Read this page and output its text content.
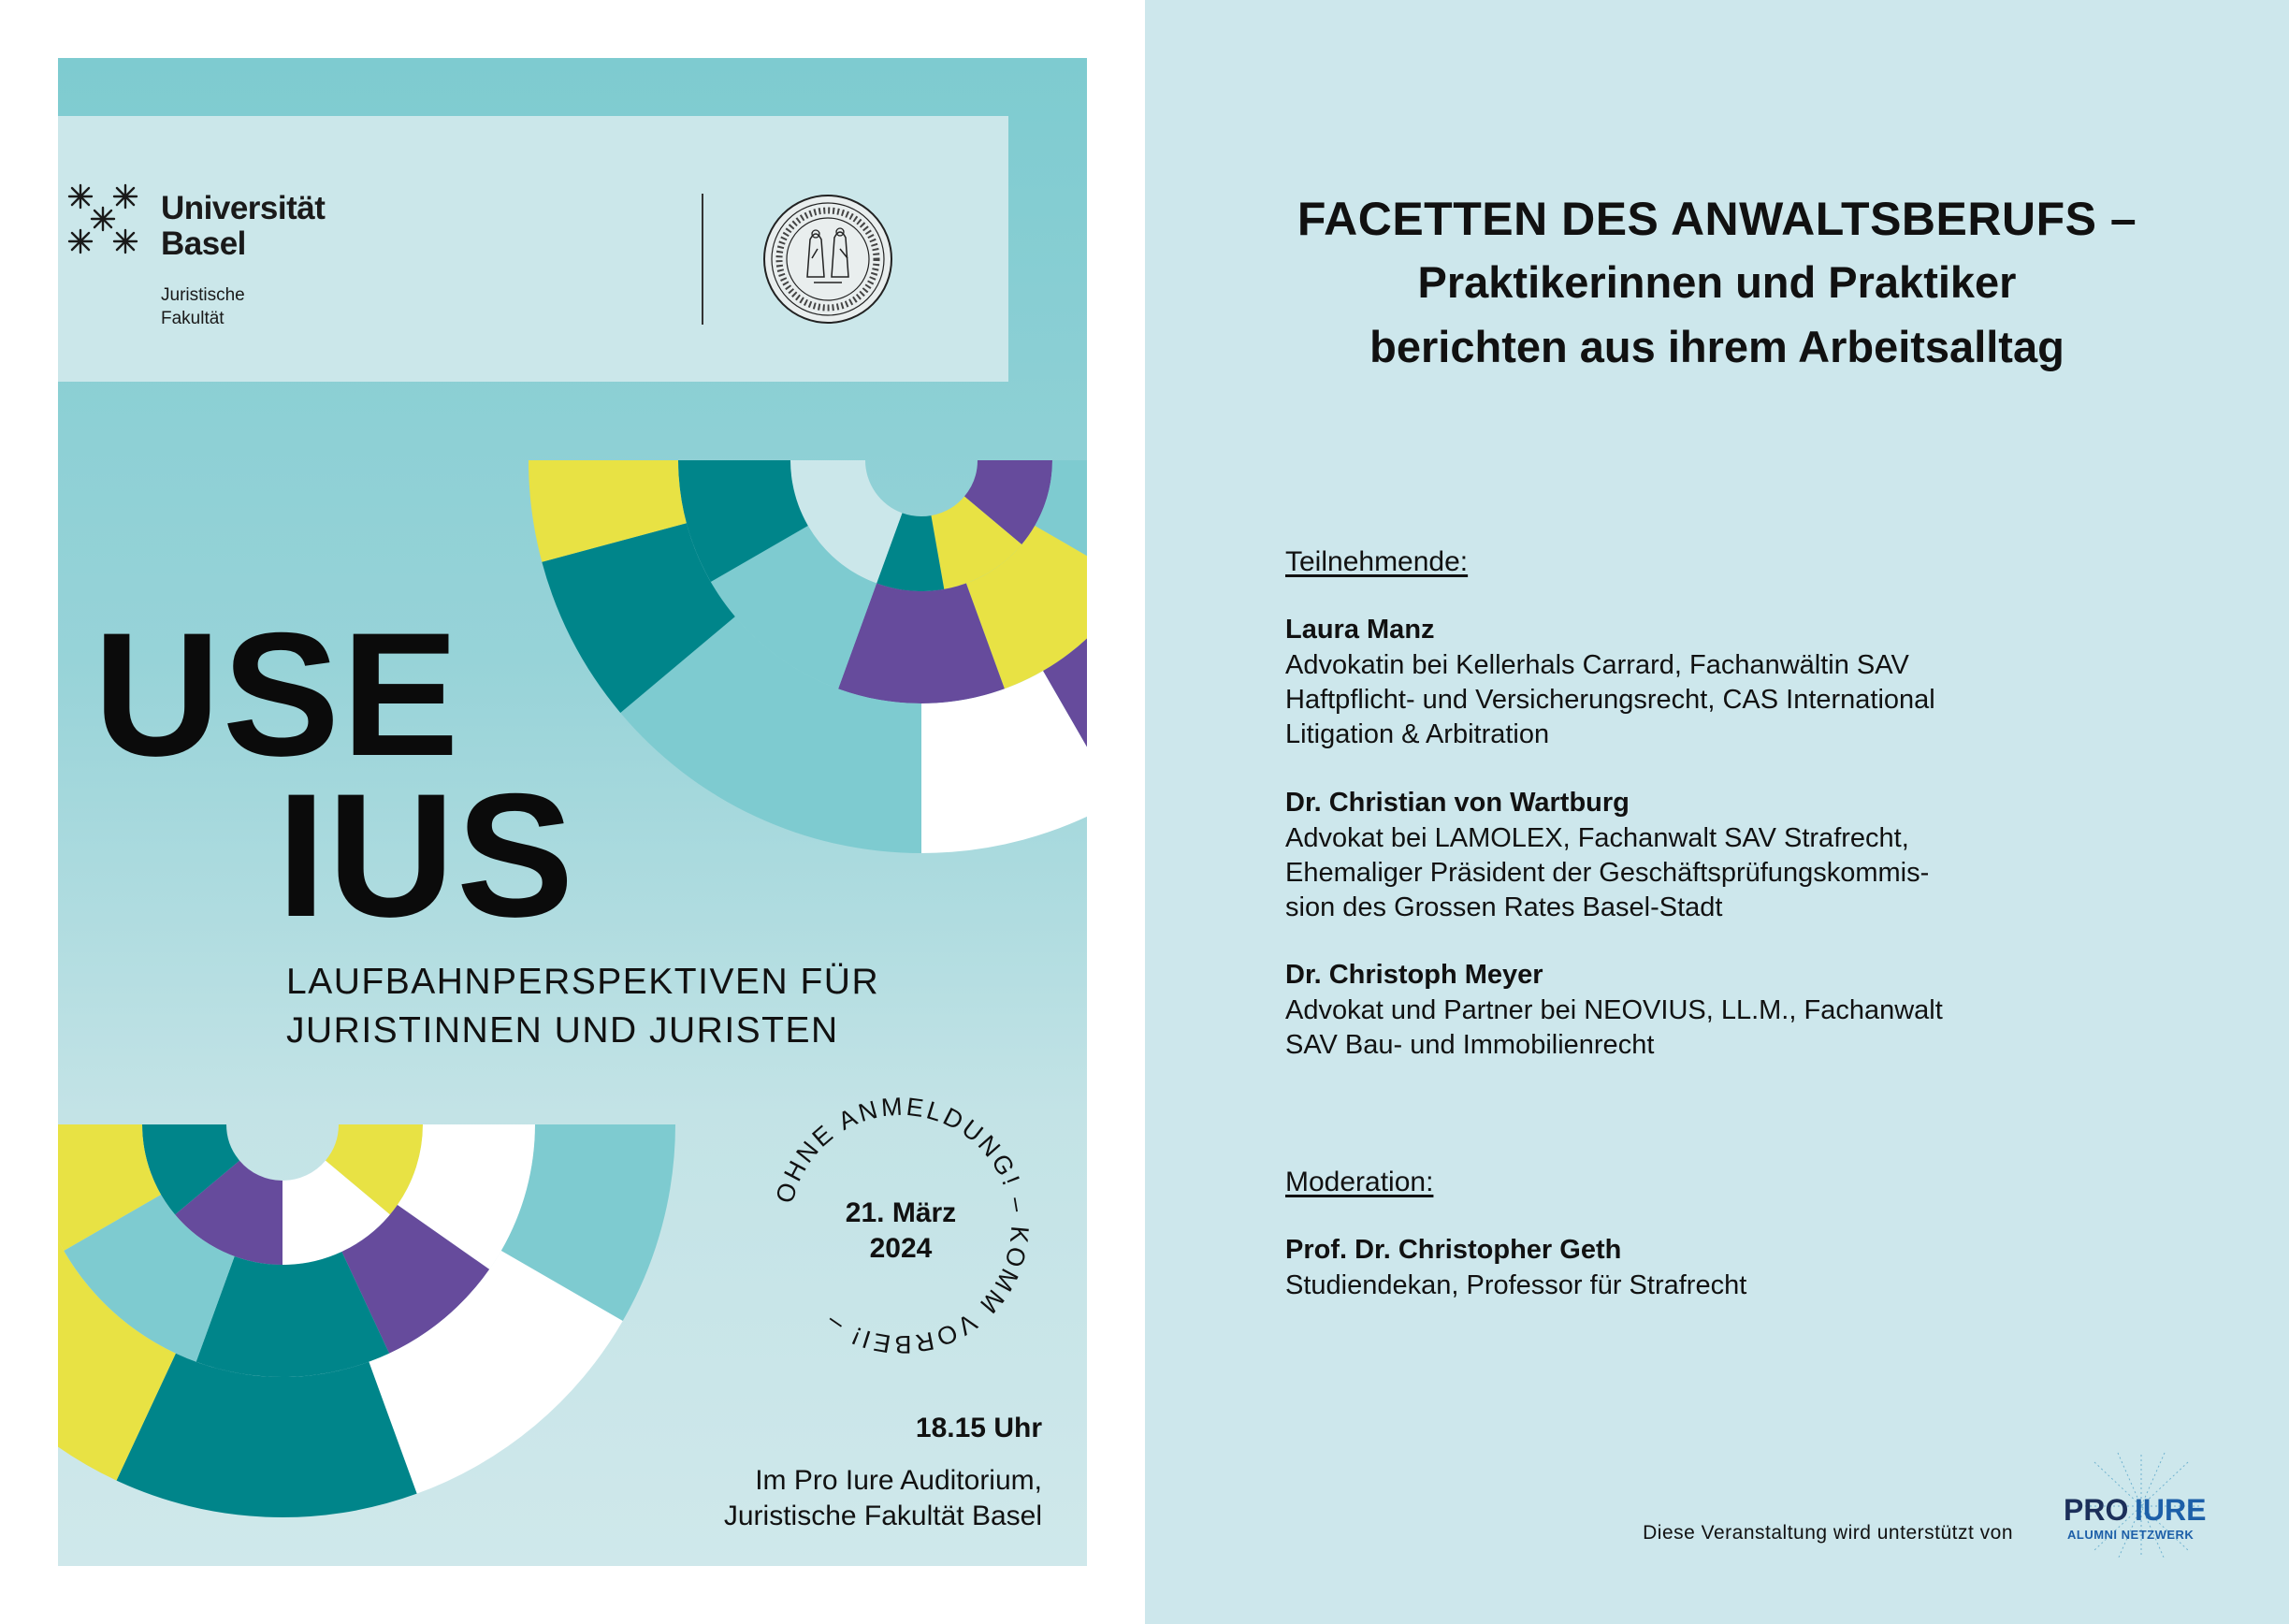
Universität
Basel
Juristische
Fakultät
USE
IUS
LAUFBAHNPERSPEKTIVEN FÜR
JURISTINNEN UND JURISTEN
OHNE ANMELDUNG! – KOMM VORBEI! –
21. März
2024
18.15 Uhr
Im Pro Iure Auditorium,
Juristische Fakultät Basel
FACETTEN DES ANWALTSBERUFS –
Praktikerinnen und Praktiker
berichten aus ihrem Arbeitsalltag
Teilnehmende:
Laura Manz
Advokatin bei Kellerhals Carrard, Fachanwältin SAV
Haftpflicht- und Versicherungsrecht, CAS International
Litigation & Arbitration
Dr. Christian von Wartburg
Advokat bei LAMOLEX, Fachanwalt SAV Strafrecht,
Ehemaliger Präsident der Geschäftsprüfungskommis-
sion des Grossen Rates Basel-Stadt
Dr. Christoph Meyer
Advokat und Partner bei NEOVIUS, LL.M., Fachanwalt
SAV Bau- und Immobilienrecht
Moderation:
Prof. Dr. Christopher Geth
Studiendekan, Professor für Strafrecht
Diese Veranstaltung wird unterstützt von
PRO IURE
ALUMNI NETZWERK
